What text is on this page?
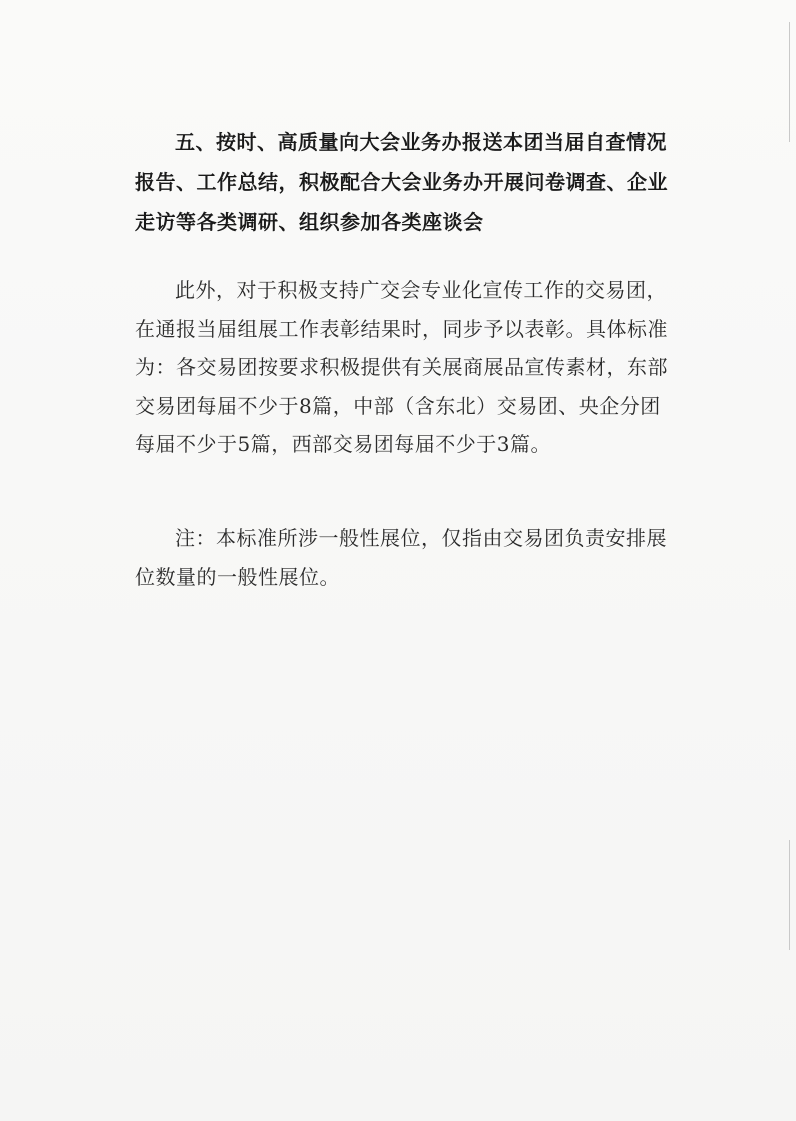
五、按时、高质量向大会业务办报送本团当届自查情况
报告、工作总结，积极配合大会业务办开展问卷调查、企业
走访等各类调研、组织参加各类座谈会
此外，对于积极支持广交会专业化宣传工作的交易团，
在通报当届组展工作表彰结果时，同步予以表彰。具体标准
为：各交易团按要求积极提供有关展商展品宣传素材，东部
交易团每届不少于8篇，中部（含东北）交易团、央企分团
每届不少于5篇，西部交易团每届不少于3篇。
注：本标准所涉一般性展位，仅指由交易团负责安排展
位数量的一般性展位。
